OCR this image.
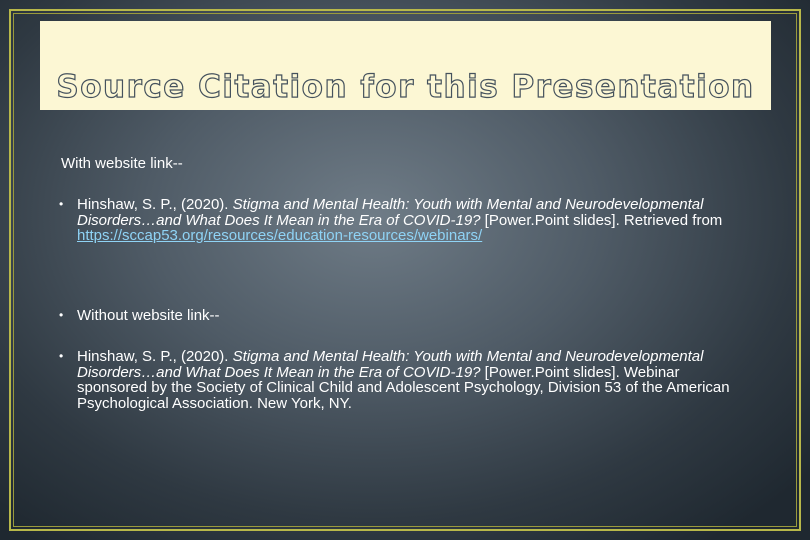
Source Citation for this Presentation

With website link--

• Hinshaw, S. P., (2020). Stigma and Mental Health: Youth with Mental and Neurodevelopmental Disorders…and What Does It Mean in the Era of COVID-19? [Power.Point slides]. Retrieved from https://sccap53.org/resources/education-resources/webinars/

• Without website link--

• Hinshaw, S. P., (2020). Stigma and Mental Health: Youth with Mental and Neurodevelopmental Disorders…and What Does It Mean in the Era of COVID-19? [Power.Point slides]. Webinar sponsored by the Society of Clinical Child and Adolescent Psychology, Division 53 of the American Psychological Association. New York, NY.
